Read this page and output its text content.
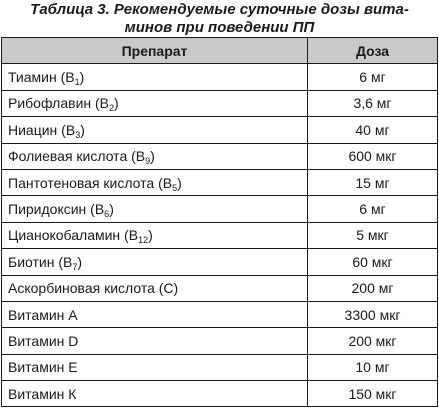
Таблица 3. Рекомендуемые суточные дозы вита-
минов при поведении ПП
Препарат	Доза
Тиамин $(B_1)$	6 мг
Рибофлавин $(B_2)$	3,6 мг
Ниацин $(B_3)$	40 мг
Фолиевая кислота $(B_9)$	600 мкг
Пантотеновая кислота $(B_5)$	15 мг
Пиридоксин $(B_6)$	6 мг
Цианокобаламин $(B_{12})$	5 мкг
Биотин $(B_7)$	60 мкг
Аскорбиновая кислота (C)	200 мг
Витамин А	3300 мкг
Витамин D	200 мкг
Витамин Е	10 мг
Витамин К	150 мкг
